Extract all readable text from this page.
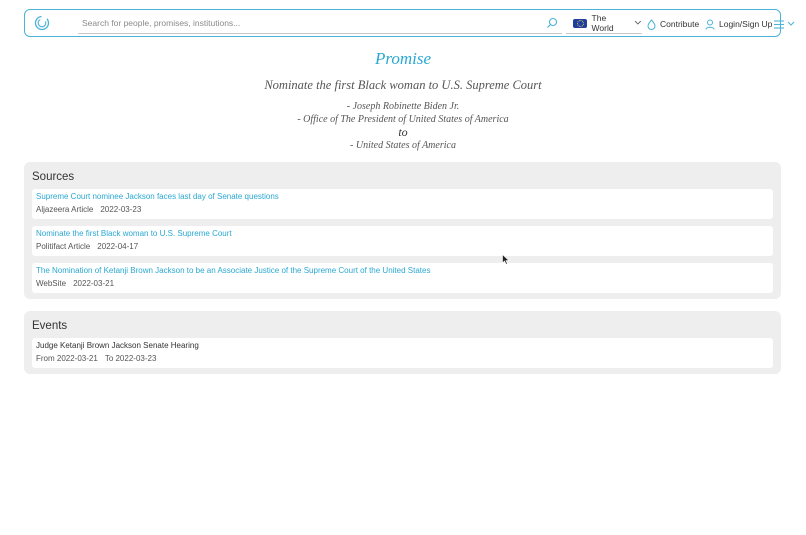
Search for people, promises, institutions...
The World	Contribute Login/Sign Up
Promise
Nominate the first Black woman to U.S. Supreme Court
- Joseph Robinette Biden Jr.
- Office of The President of United States of America
to
- United States of America
Sources
Supreme Court nominee Jackson faces last day of Senate questions
Aljazeera Article 2022-03-23
Nominate the first Black woman to U.S. Supreme Court
Politifact Article 2022-04-17
The Nomination of Ketanji Brown Jackson to be an Associate Justice of the Supreme Court of the United States
WebSite 2022-03-21
Events
Judge Ketanji Brown Jackson Senate Hearing
From 2022-03-21 To 2022-03-23
